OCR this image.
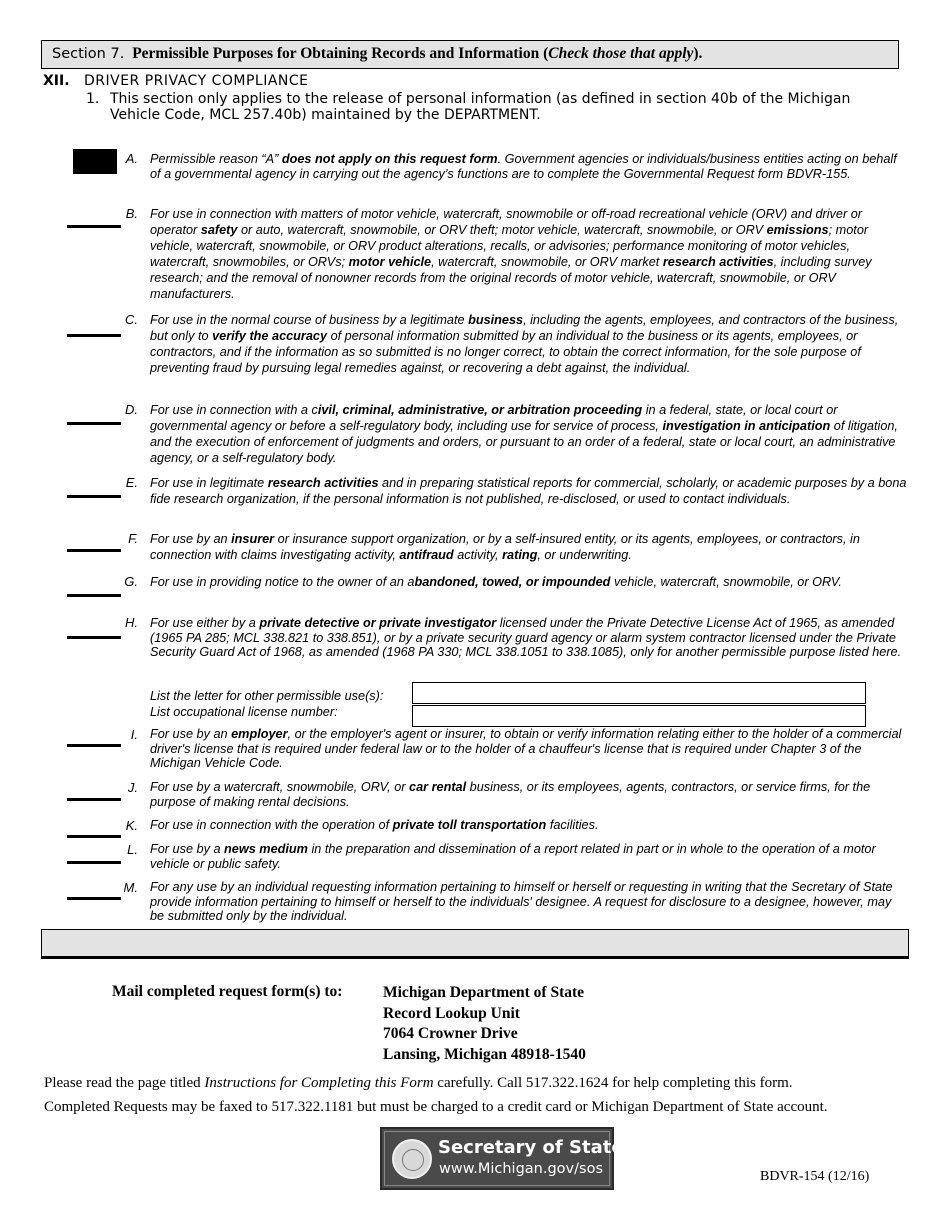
Section 7. Permissible Purposes for Obtaining Records and Information (Check those that apply).
XII. DRIVER PRIVACY COMPLIANCE
1. This section only applies to the release of personal information (as defined in section 40b of the Michigan Vehicle Code, MCL 257.40b) maintained by the DEPARTMENT.
A.
B.
C.
D.
E.
F.
G.
H.
I.
J.
K.
L.
M.
Permissible reason “A” does not apply on this request form. Government agencies or individuals/business entities acting on behalf of a governmental agency in carrying out the agency’s functions are to complete the Governmental Request form BDVR-155.
For use in connection with matters of motor vehicle, watercraft, snowmobile or off-road recreational vehicle (ORV) and driver or operator safety or auto, watercraft, snowmobile, or ORV theft; motor vehicle, watercraft, snowmobile, or ORV emissions; motor vehicle, watercraft, snowmobile, or ORV product alterations, recalls, or advisories; performance monitoring of motor vehicles, watercraft, snowmobiles, or ORVs; motor vehicle, watercraft, snowmobile, or ORV market research activities, including survey research; and the removal of nonowner records from the original records of motor vehicle, watercraft, snowmobile, or ORV manufacturers.
For use in the normal course of business by a legitimate business, including the agents, employees, and contractors of the business, but only to verify the accuracy of personal information submitted by an individual to the business or its agents, employees, or contractors, and if the information as so submitted is no longer correct, to obtain the correct information, for the sole purpose of preventing fraud by pursuing legal remedies against, or recovering a debt against, the individual.
For use in connection with a civil, criminal, administrative, or arbitration proceeding in a federal, state, or local court or governmental agency or before a self-regulatory body, including use for service of process, investigation in anticipation of litigation, and the execution of enforcement of judgments and orders, or pursuant to an order of a federal, state or local court, an administrative agency, or a self-regulatory body.
For use in legitimate research activities and in preparing statistical reports for commercial, scholarly, or academic purposes by a bona fide research organization, if the personal information is not published, re-disclosed, or used to contact individuals.
For use by an insurer or insurance support organization, or by a self-insured entity, or its agents, employees, or contractors, in connection with claims investigating activity, antifraud activity, rating, or underwriting.
For use in providing notice to the owner of an abandoned, towed, or impounded vehicle, watercraft, snowmobile, or ORV.
For use either by a private detective or private investigator licensed under the Private Detective License Act of 1965, as amended (1965 PA 285; MCL 338.821 to 338.851), or by a private security guard agency or alarm system contractor licensed under the Private Security Guard Act of 1968, as amended (1968 PA 330; MCL 338.1051 to 338.1085), only for another permissible purpose listed here.
List the letter for other permissible use(s):
List occupational license number:
For use by an employer, or the employer's agent or insurer, to obtain or verify information relating either to the holder of a commercial driver's license that is required under federal law or to the holder of a chauffeur's license that is required under Chapter 3 of the Michigan Vehicle Code.
For use by a watercraft, snowmobile, ORV, or car rental business, or its employees, agents, contractors, or service firms, for the purpose of making rental decisions.
For use in connection with the operation of private toll transportation facilities.
For use by a news medium in the preparation and dissemination of a report related in part or in whole to the operation of a motor vehicle or public safety.
For any use by an individual requesting information pertaining to himself or herself or requesting in writing that the Secretary of State provide information pertaining to himself or herself to the individuals' designee. A request for disclosure to a designee, however, may be submitted only by the individual.
Mail completed request form(s) to:	Michigan Department of State
Record Lookup Unit
7064 Crowner Drive
Lansing, Michigan 48918-1540
Please read the page titled Instructions for Completing this Form carefully. Call 517.322.1624 for help completing this form.
Completed Requests may be faxed to 517.322.1181 but must be charged to a credit card or Michigan Department of State account.
Secretary of State
www.Michigan.gov/sos	BDVR-154 (12/16)
